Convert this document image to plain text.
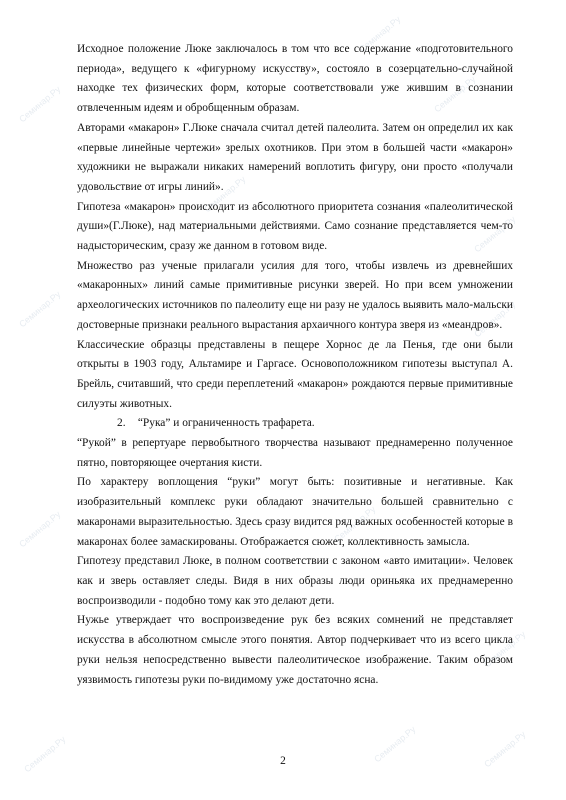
Семинар.Ру
Семинар.Ру
Семинар.Ру
Семинар.Ру
Семинар.Ру
Семинар.Ру	Семинар.Ру
Семинар.Ру
Семинар.Ру
Семинар.Ру
Семинар.Ру
Семинар.Ру
Семинар.Ру

Исходное положение Люке заключалось в том что все содержание «подготовительного периода», ведущего к «фигурному искусству», состояло в созерцательно-случайной находке тех физических форм, которые соответствовали уже жившим в сознании отвлеченным идеям и обробщенным образам.

Авторами «макарон» Г.Люке сначала считал детей палеолита. Затем он определил их как «первые линейные чертежи» зрелых охотников. При этом в большей части «макарон» художники не выражали никаких намерений воплотить фигуру, они просто «получали удовольствие от игры линий».

Гипотеза «макарон» происходит из абсолютного приоритета сознания «палеолитической души»(Г.Люке), над материальными действиями. Само сознание представляется чем-то надысторическим, сразу же данном в готовом виде.

Множество раз ученые прилагали усилия для того, чтобы извлечь из древнейших «макаронных» линий самые примитивные рисунки зверей. Но при всем умножении археологических источников по палеолиту еще ни разу не удалось выявить мало-мальски достоверные признаки реального вырастания архаичного контура зверя из «меандров».

Классические образцы представлены в пещере Хорнос де ла Пенья, где они были открыты в 1903 году, Альтамире и Гаргасе. Основоположником гипотезы выступал А. Брейль, считавший, что среди переплетений «макарон» рождаются первые примитивные силуэты животных.

2. “Рука” и ограниченность трафарета.

“Рукой” в репертуаре первобытного творчества называют преднамеренно полученное пятно, повторяющее очертания кисти.

По характеру воплощения “руки” могут быть: позитивные и негативные. Как изобразительный комплекс руки обладают значительно большей сравнительно с макаронами выразительностью. Здесь сразу видится ряд важных особенностей которые в макаронах более замаскированы. Отображается сюжет, коллективность замысла.

Гипотезу представил Люке, в полном соответствии с законом «авто имитации». Человек как и зверь оставляет следы. Видя в них образы люди ориньяка их преднамеренно воспроизводили - подобно тому как это делают дети.

Нужье утверждает что воспроизведение рук без всяких сомнений не представляет искусства в абсолютном смысле этого понятия. Автор подчеркивает что из всего цикла руки нельзя непосредственно вывести палеолитическое изображение. Таким образом уязвимость гипотезы руки по-видимому уже достаточно ясна.

2
